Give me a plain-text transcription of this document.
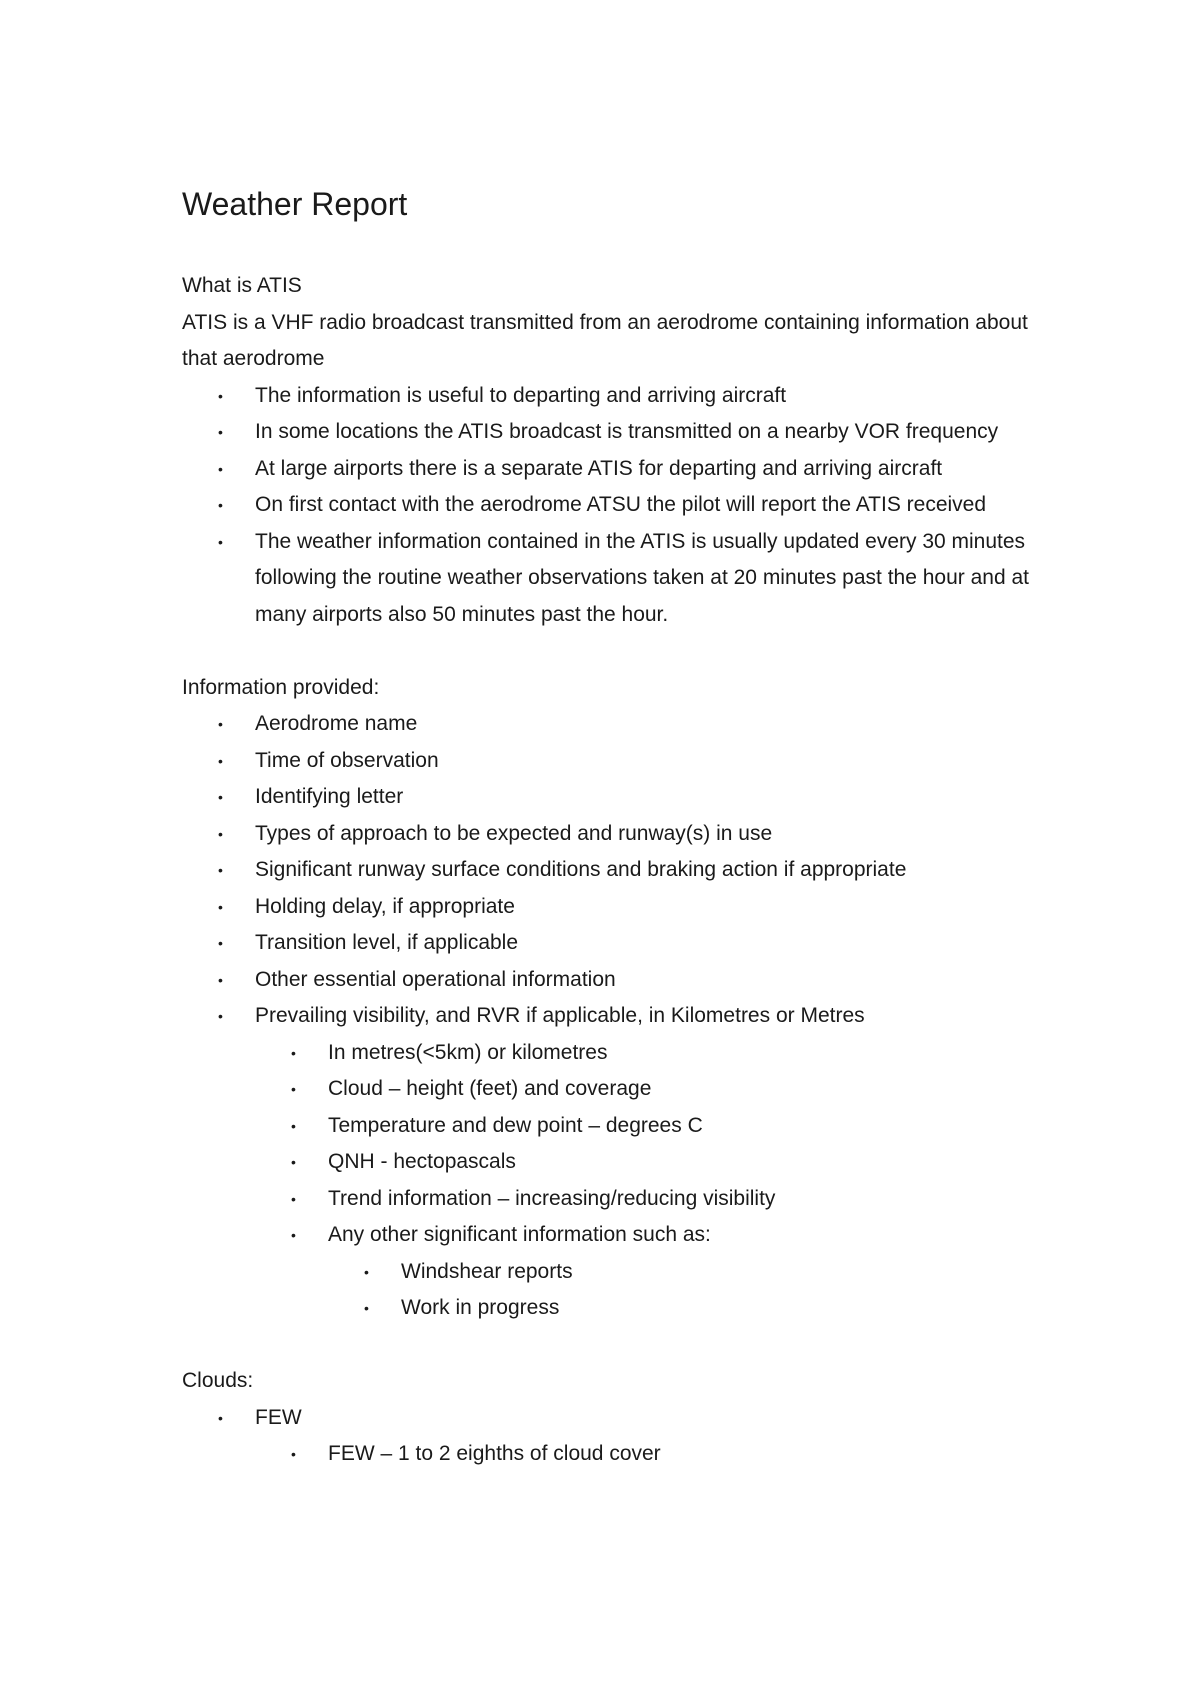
Weather Report

What is ATIS

ATIS is a VHF radio broadcast transmitted from an aerodrome containing information about that aerodrome

• The information is useful to departing and arriving aircraft
• In some locations the ATIS broadcast is transmitted on a nearby VOR frequency
• At large airports there is a separate ATIS for departing and arriving aircraft
• On first contact with the aerodrome ATSU the pilot will report the ATIS received
• The weather information contained in the ATIS is usually updated every 30 minutes following the routine weather observations taken at 20 minutes past the hour and at many airports also 50 minutes past the hour.

Information provided:

• Aerodrome name
• Time of observation
• Identifying letter
• Types of approach to be expected and runway(s) in use
• Significant runway surface conditions and braking action if appropriate
• Holding delay, if appropriate
• Transition level, if applicable
• Other essential operational information
• Prevailing visibility, and RVR if applicable, in Kilometres or Metres
• In metres(<5km) or kilometres
• Cloud – height (feet) and coverage
• Temperature and dew point – degrees C
• QNH - hectopascals
• Trend information – increasing/reducing visibility
• Any other significant information such as:
• Windshear reports
• Work in progress

Clouds:

• FEW
• FEW – 1 to 2 eighths of cloud cover
